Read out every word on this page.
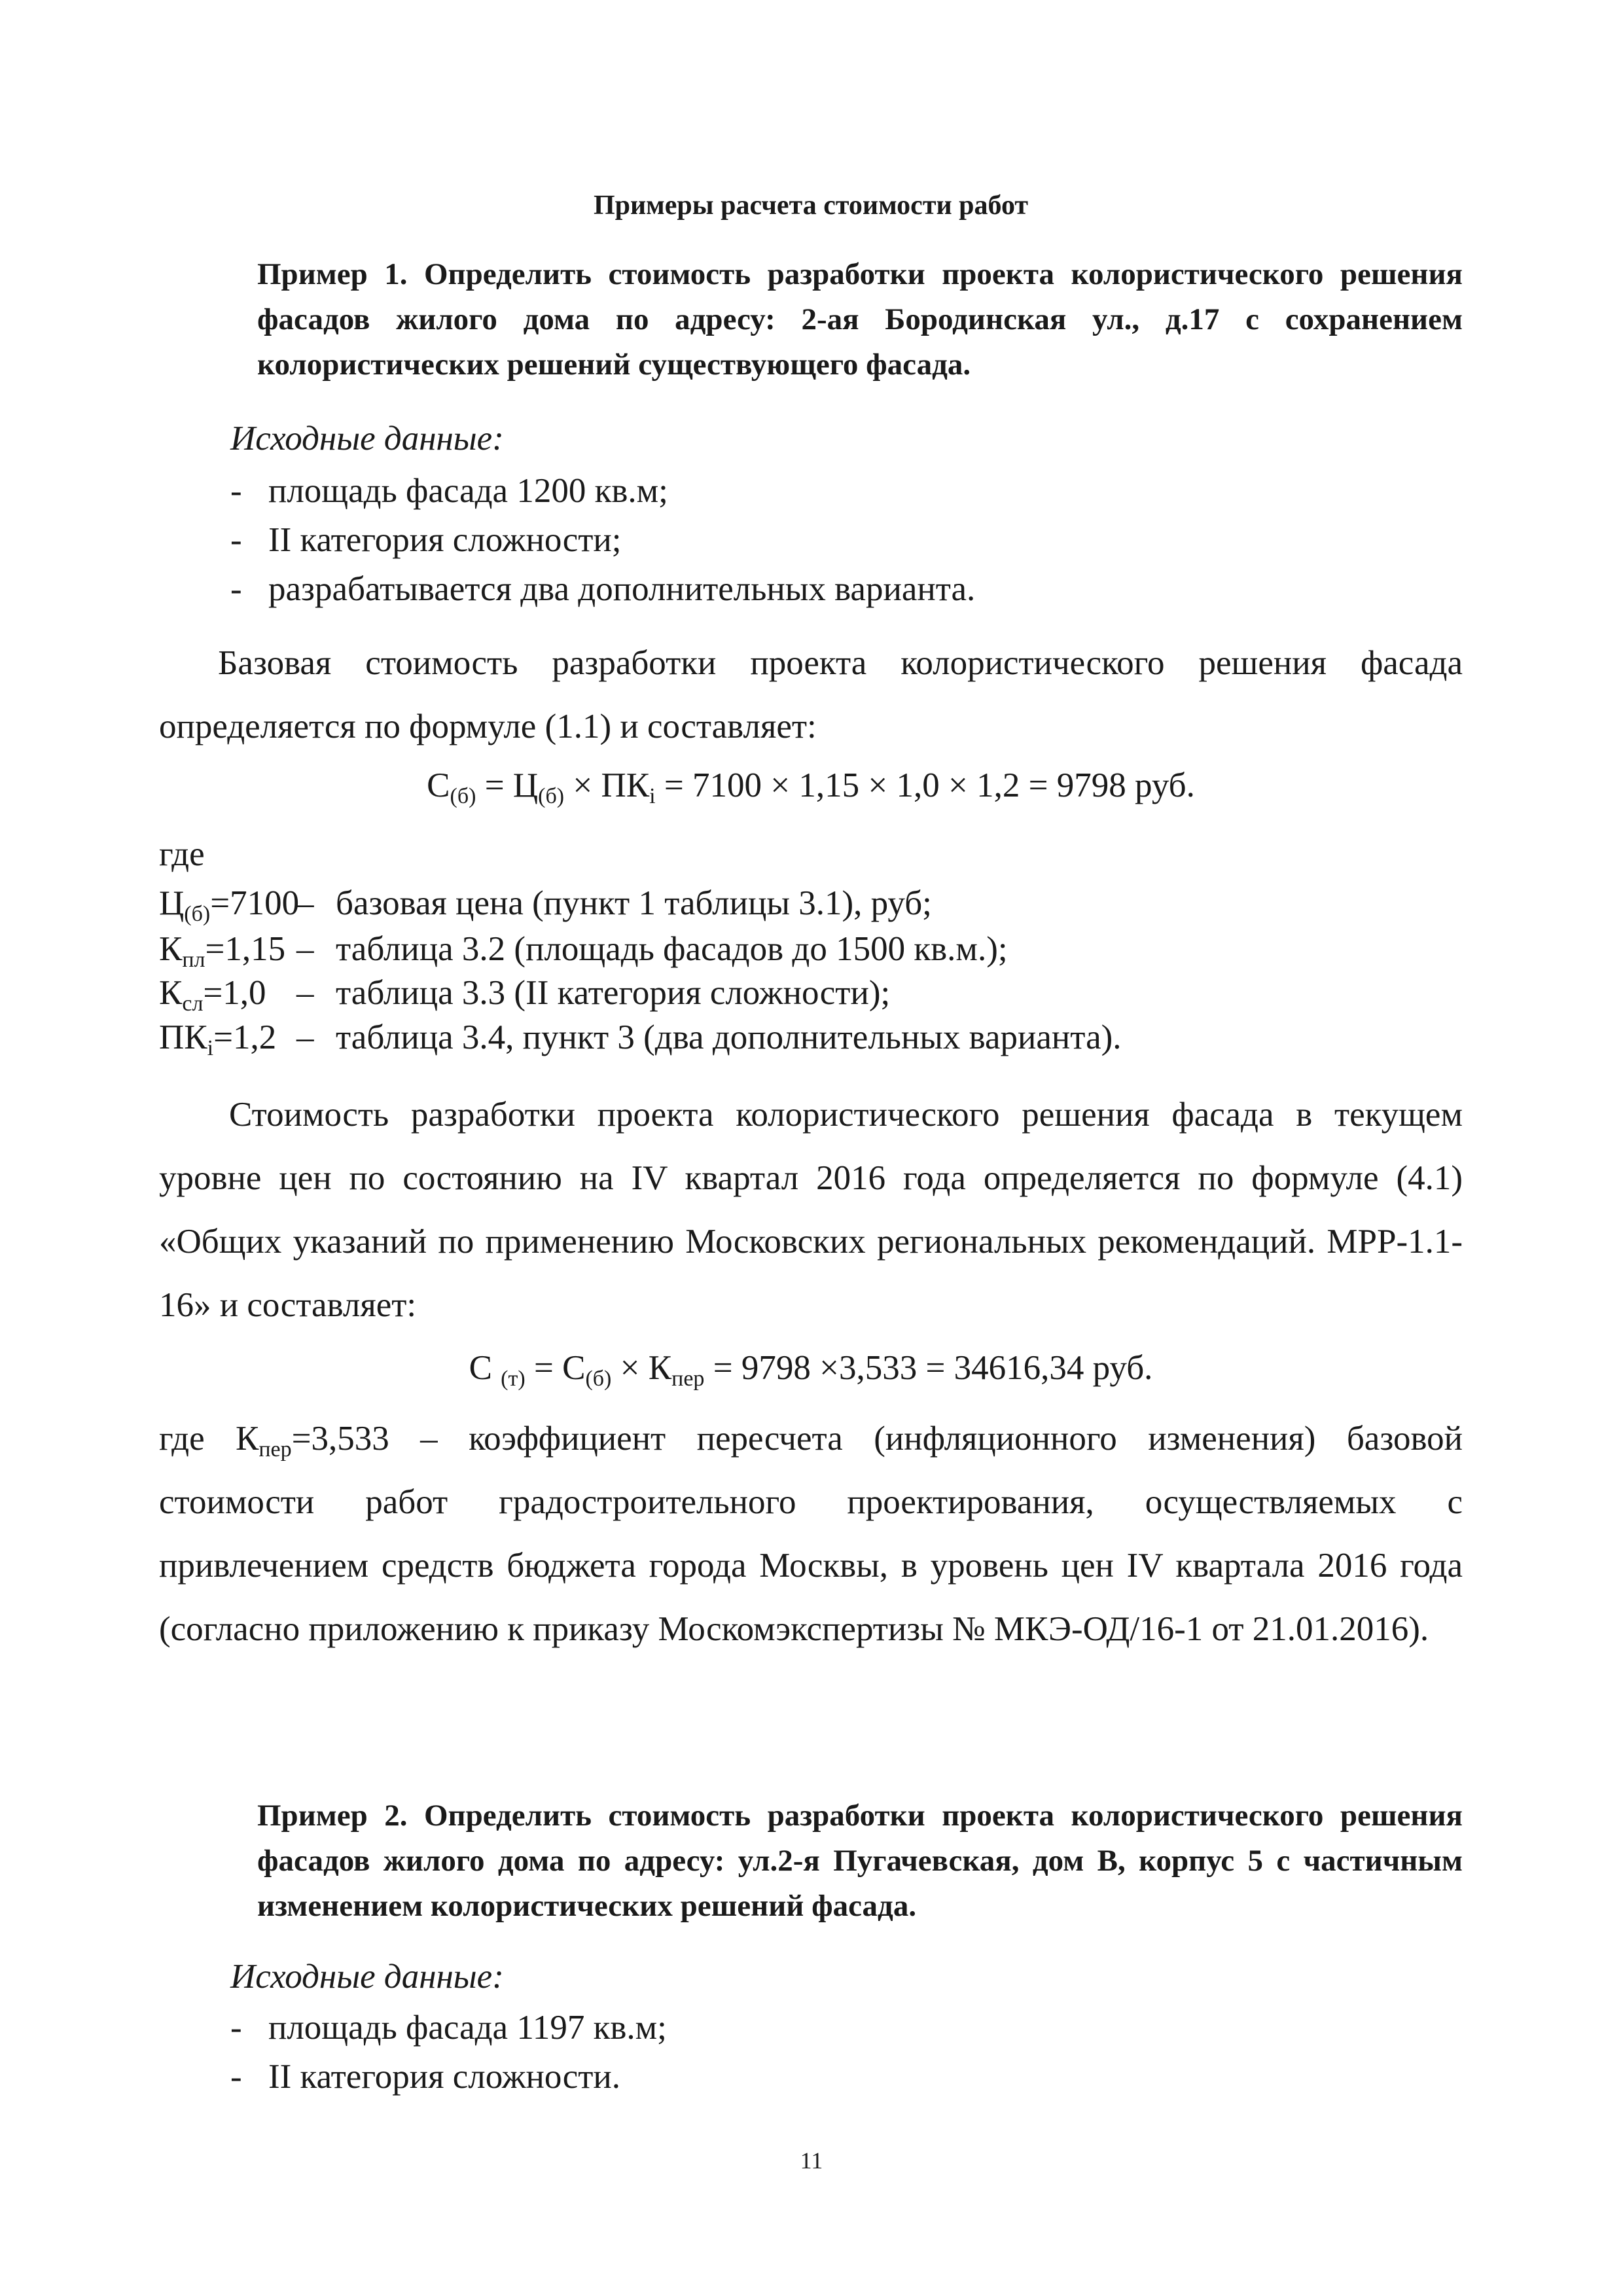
Примеры расчета стоимости работ
Пример 1. Определить стоимость разработки проекта колористического решения фасадов жилого дома по адресу: 2-ая Бородинская ул., д.17 с сохранением колористических решений существующего фасада.
Исходные данные:
- площадь фасада 1200 кв.м;
- II категория сложности;
- разрабатывается два дополнительных варианта.
Базовая стоимость разработки проекта колористического решения фасада определяется по формуле (1.1) и составляет:
$С_{(б)} = Ц_{(б)} \times ПК_i = 7100 \times 1,15 \times 1,0 \times 1,2 = 9798$ руб.
где
$Ц_{(б)}=7100-$ базовая цена (пункт 1 таблицы 3.1), руб;
$К_{пл}=1,15$ – таблица 3.2 (площадь фасадов до 1500 кв.м.);
$К_{сл}=1,0$ – таблица 3.3 (II категория сложности);
$ПК_i=1,2$ – таблица 3.4, пункт 3 (два дополнительных варианта).
Стоимость разработки проекта колористического решения фасада в текущем уровне цен по состоянию на IV квартал 2016 года определяется по формуле (4.1) «Общих указаний по применению Московских региональных рекомендаций. МРР-1.1-16» и составляет:
С $_{(т)} = С_{(б)} \times К_{пер} = 9798 \times 3,533 = 34616,34$ руб.
где $К_{пер}=3,533$ – коэффициент пересчета (инфляционного изменения) базовой стоимости работ градостроительного проектирования, осуществляемых с привлечением средств бюджета города Москвы, в уровень цен IV квартала 2016 года (согласно приложению к приказу Москомэкспертизы № МКЭ-ОД/16-1 от 21.01.2016).
Пример 2. Определить стоимость разработки проекта колористического решения фасадов жилого дома по адресу: ул.2-я Пугачевская, дом В, корпус 5 с частичным изменением колористических решений фасада.
Исходные данные:
- площадь фасада 1197 кв.м;
- II категория сложности.
11
